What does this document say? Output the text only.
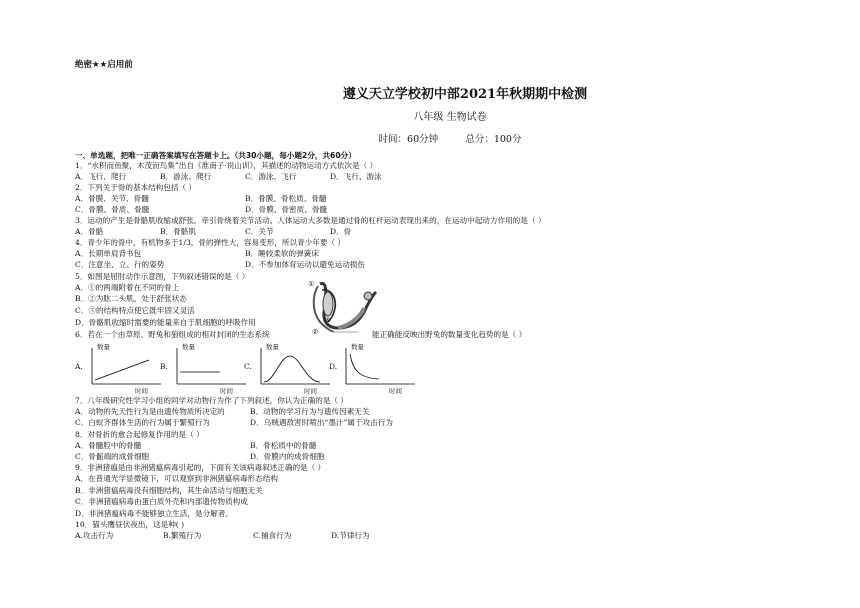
绝密★★启用前
遵义天立学校初中部2021年秋期期中检测
八年级 生物试卷
时间：60分钟	总分：100分
一、单选题，把唯一正确答案填写在答题卡上。（共30小题，每小题2分，共60分）
1．“水积而鱼聚，木茂而鸟集”出自《淮南子·说山训》，其描述的动物运动方式依次是（ ）
A．飞行、爬行	B．游泳、爬行	C．游泳、飞行	D．飞行、游泳
2．下列关于骨的基本结构包括（ ）
A．骨膜、关节、骨髓	B．骨膜、骨松质、骨髓
C．骨膜、骨质、骨髓	D．骨膜、骨密质、骨髓
3．运动的产生是骨骼肌收缩或舒张，牵引骨绕着关节活动。人体运动大多数是通过骨的杠杆运动表现出来的，在运动中起动力作用的是（ ）
A．骨骼	B．骨骼肌	C．关节	D．骨
4．青少年的骨中，有机物多于1/3，骨的弹性大，容易变形，所以青少年要（ ）
A．长期单肩背书包	B．睡较柔软的弹簧床
C．注意坐、立、行的姿势	D．不参加体育运动以避免运动损伤
5．如图是屈肘动作示意图，下列叙述错误的是（ ）
A．①的两端附着在不同的骨上
B．②为肱二头肌，处于舒张状态
C．③的结构特点使它既牢固又灵活
D．骨骼肌收缩时需要的能量来自于肌细胞的呼吸作用
①
②
③
6．若在一个由草原、野兔和狼组成的相对封闭的生态系统	能正确能反映出野兔的数量变化趋势的是（ ）
A.
数量
时间
B.
数量
时间
C.
数量
时间
D.
数量
时间
7．八年级研究性学习小组的同学对动物行为作了下列叙述，你认为正确的是（ ）
A．动物的先天性行为是由遗传物质所决定的	B．动物的学习行为与遗传因素无关
C．白蚁齐群体生活的行为属于繁殖行为	D．乌贼遇敌害时喷出“墨汁”属于攻击行为
8．对骨折的愈合起修复作用的是（ ）
A．骨髓腔中的骨髓	B．骨松质中的骨髓
C．骨骺端的成骨细胞	D．骨膜内的成骨细胞
9．非洲猪瘟是由非洲猪瘟病毒引起的，下面有关该病毒叙述正确的是（ ）
A．在普通光学显微镜下，可以观察到非洲猪瘟病毒形态结构
B．非洲猪瘟病毒没有细胞结构，其生命活动与细胞无关
C．非洲猪瘟病毒由蛋白质外壳和内部遗传物质构成
D．非洲猪瘟病毒不能够独立生活，是分解者。
10．猫头鹰昼伏夜出，这是种( )
A.攻击行为	B.繁殖行为	C.捕食行为	D.节律行为
